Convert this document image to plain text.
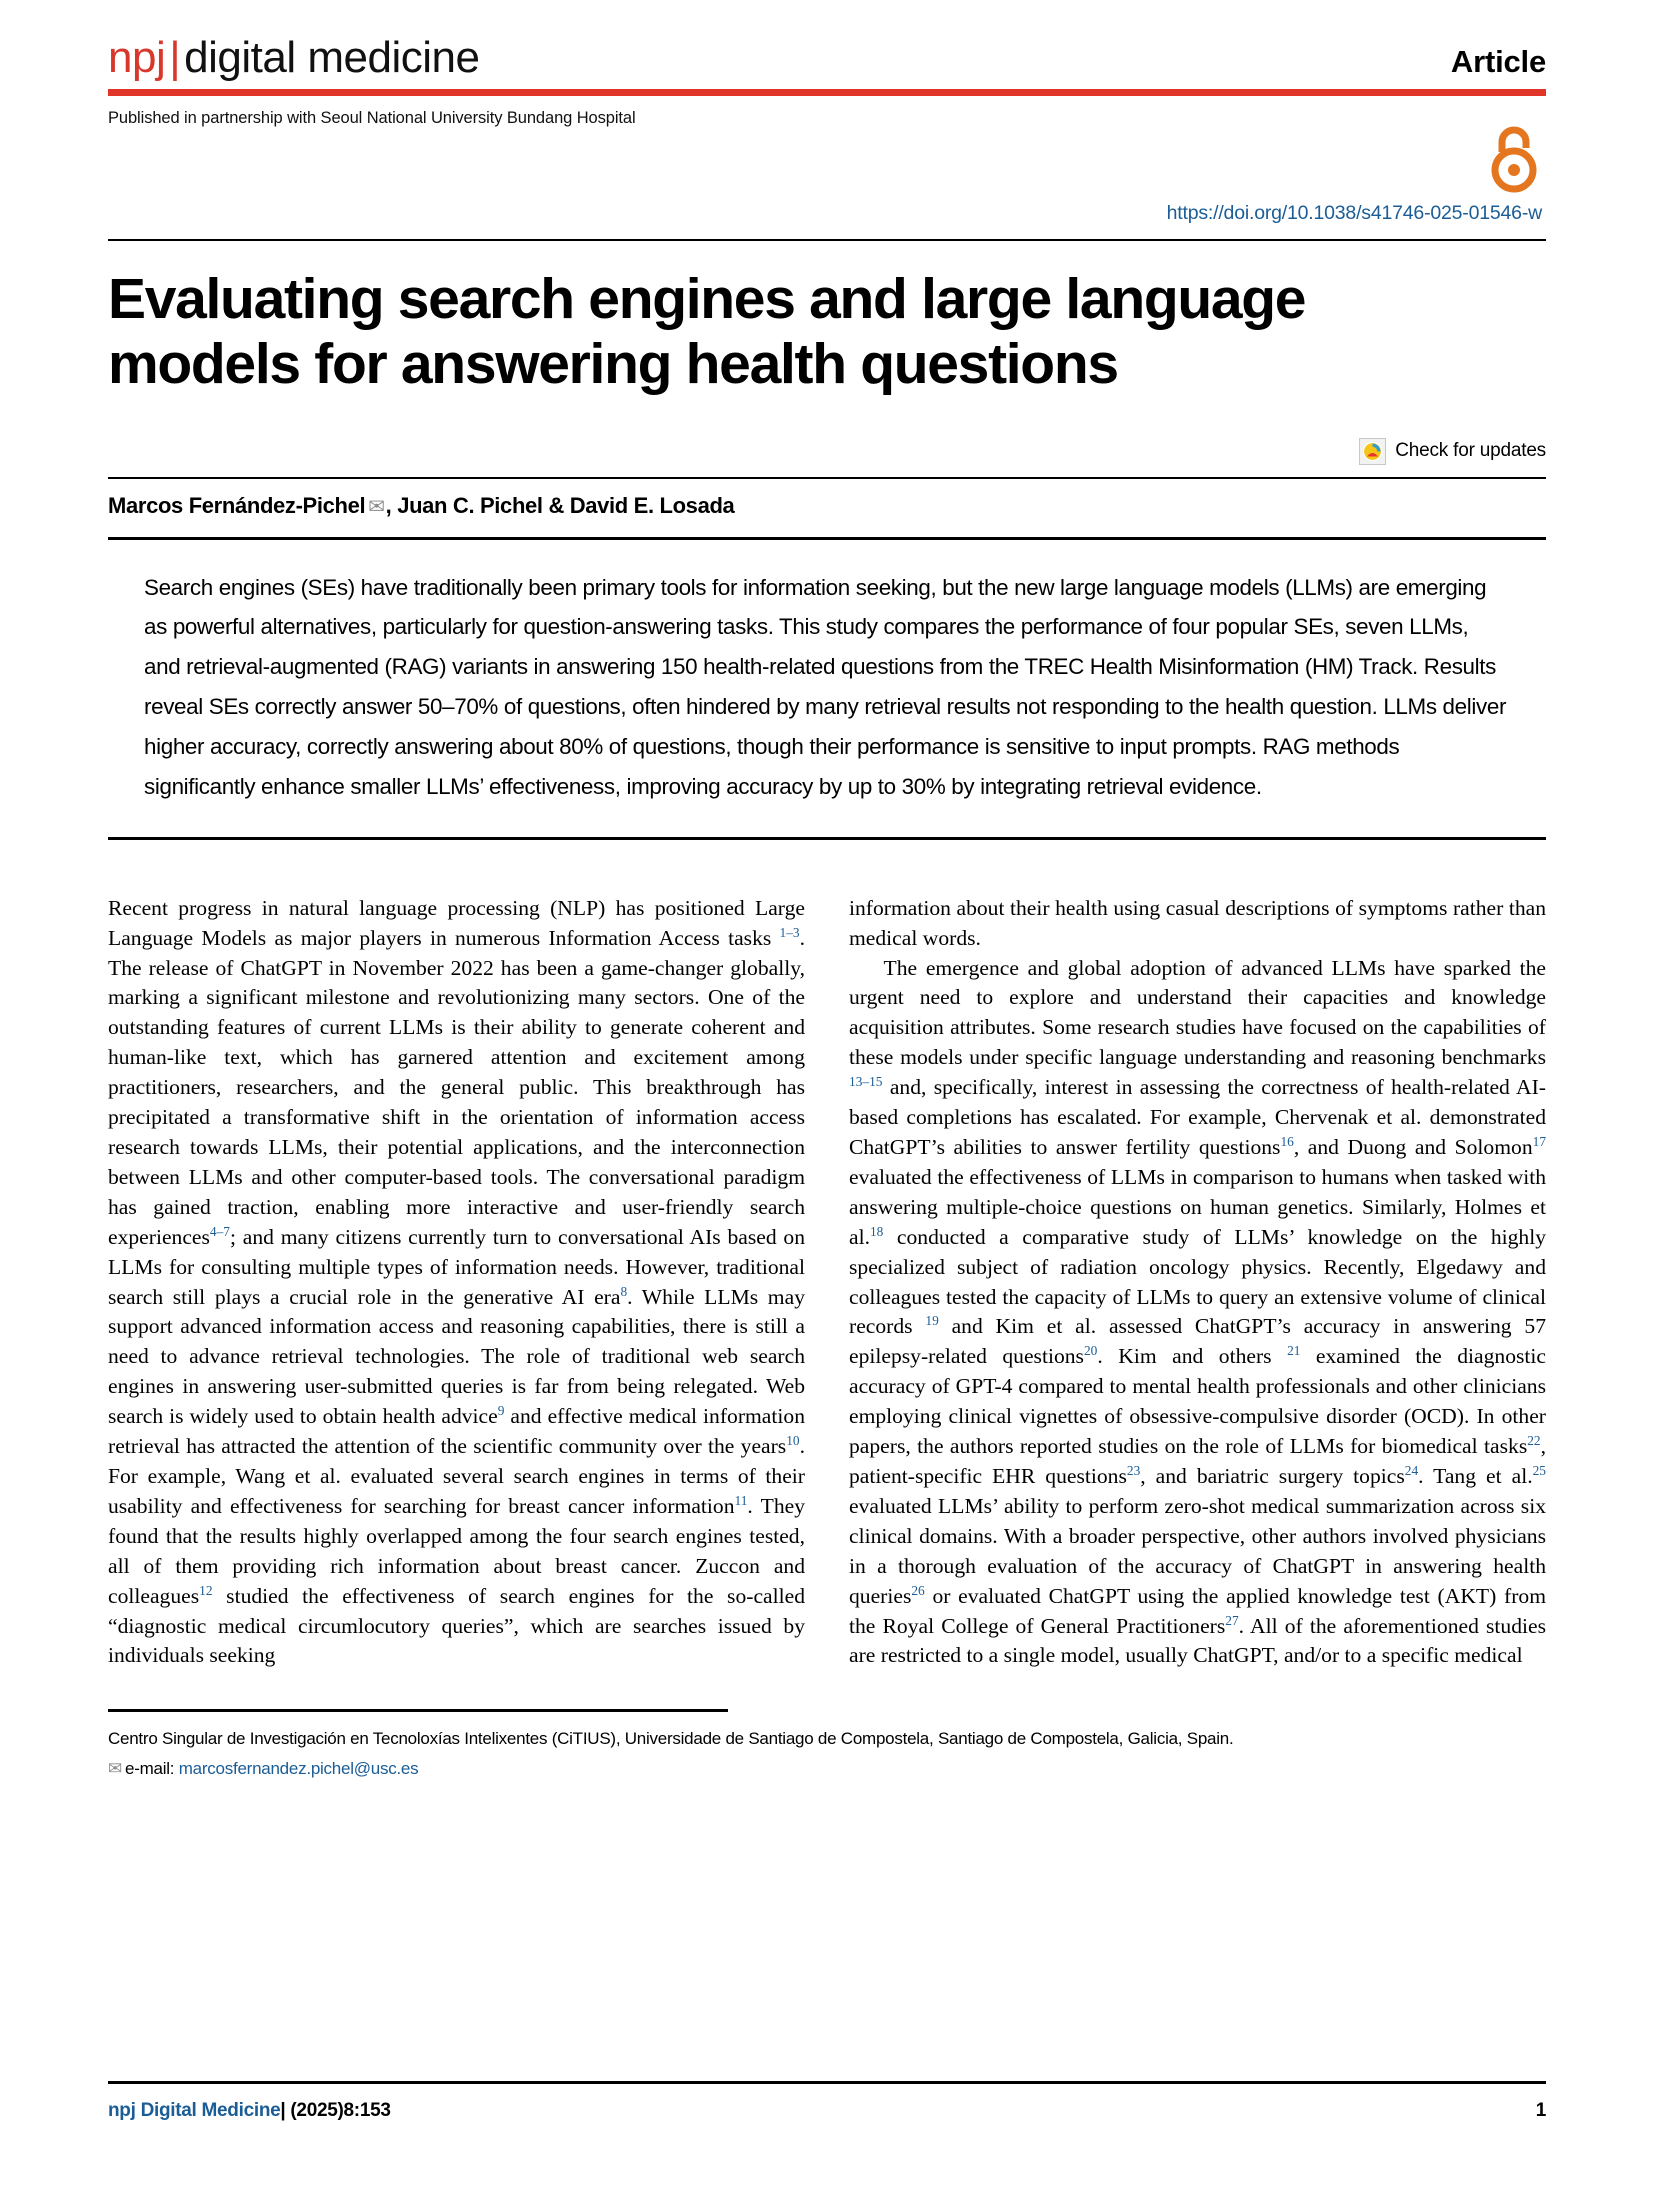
npj|digital medicine	Article
Published in partnership with Seoul National University Bundang Hospital
https://doi.org/10.1038/s41746-025-01546-w
Evaluating search engines and large language models for answering health questions
Check for updates
Marcos Fernández-Pichel ✉, Juan C. Pichel & David E. Losada
Search engines (SEs) have traditionally been primary tools for information seeking, but the new large language models (LLMs) are emerging as powerful alternatives, particularly for question-answering tasks. This study compares the performance of four popular SEs, seven LLMs, and retrieval-augmented (RAG) variants in answering 150 health-related questions from the TREC Health Misinformation (HM) Track. Results reveal SEs correctly answer 50–70% of questions, often hindered by many retrieval results not responding to the health question. LLMs deliver higher accuracy, correctly answering about 80% of questions, though their performance is sensitive to input prompts. RAG methods significantly enhance smaller LLMs’ effectiveness, improving accuracy by up to 30% by integrating retrieval evidence.

Recent progress in natural language processing (NLP) has positioned Large Language Models as major players in numerous Information Access tasks $^{1-3}$. The release of ChatGPT in November 2022 has been a game-changer globally, marking a significant milestone and revolutionizing many sectors. One of the outstanding features of current LLMs is their ability to generate coherent and human-like text, which has garnered attention and excitement among practitioners, researchers, and the general public. This breakthrough has precipitated a transformative shift in the orientation of information access research towards LLMs, their potential applications, and the interconnection between LLMs and other computer-based tools. The conversational paradigm has gained traction, enabling more interactive and user-friendly search experiences$^{4-7}$; and many citizens currently turn to conversational AIs based on LLMs for consulting multiple types of information needs. However, traditional search still plays a crucial role in the generative AI era$^8$. While LLMs may support advanced information access and reasoning capabilities, there is still a need to advance retrieval technologies. The role of traditional web search engines in answering user-submitted queries is far from being relegated. Web search is widely used to obtain health advice$^9$ and effective medical information retrieval has attracted the attention of the scientific community over the years$^{10}$. For example, Wang et al. evaluated several search engines in terms of their usability and effectiveness for searching for breast cancer information$^{11}$. They found that the results highly overlapped among the four search engines tested, all of them providing rich information about breast cancer. Zuccon and colleagues$^{12}$ studied the effectiveness of search engines for the so-called “diagnostic medical circumlocutory queries”, which are searches issued by individuals seeking

information about their health using casual descriptions of symptoms rather than medical words.

The emergence and global adoption of advanced LLMs have sparked the urgent need to explore and understand their capacities and knowledge acquisition attributes. Some research studies have focused on the capabilities of these models under specific language understanding and reasoning benchmarks $^{13-15}$ and, specifically, interest in assessing the correctness of health-related AI-based completions has escalated. For example, Chervenak et al. demonstrated ChatGPT’s abilities to answer fertility questions$^{16}$, and Duong and Solomon$^{17}$ evaluated the effectiveness of LLMs in comparison to humans when tasked with answering multiple-choice questions on human genetics. Similarly, Holmes et al.$^{18}$ conducted a comparative study of LLMs’ knowledge on the highly specialized subject of radiation oncology physics. Recently, Elgedawy and colleagues tested the capacity of LLMs to query an extensive volume of clinical records $^{19}$ and Kim et al. assessed ChatGPT’s accuracy in answering 57 epilepsy-related questions$^{20}$. Kim and others $^{21}$ examined the diagnostic accuracy of GPT-4 compared to mental health professionals and other clinicians employing clinical vignettes of obsessive-compulsive disorder (OCD). In other papers, the authors reported studies on the role of LLMs for biomedical tasks$^{22}$, patient-specific EHR questions$^{23}$, and bariatric surgery topics$^{24}$. Tang et al.$^{25}$ evaluated LLMs’ ability to perform zero-shot medical summarization across six clinical domains. With a broader perspective, other authors involved physicians in a thorough evaluation of the accuracy of ChatGPT in answering health queries$^{26}$ or evaluated ChatGPT using the applied knowledge test (AKT) from the Royal College of General Practitioners$^{27}$. All of the aforementioned studies are restricted to a single model, usually ChatGPT, and/or to a specific medical

Centro Singular de Investigación en Tecnoloxías Intelixentes (CiTIUS), Universidade de Santiago de Compostela, Santiago de Compostela, Galicia, Spain.
✉ e-mail: marcosfernandez.pichel@usc.es
npj Digital Medicine| (2025)8:153	1
